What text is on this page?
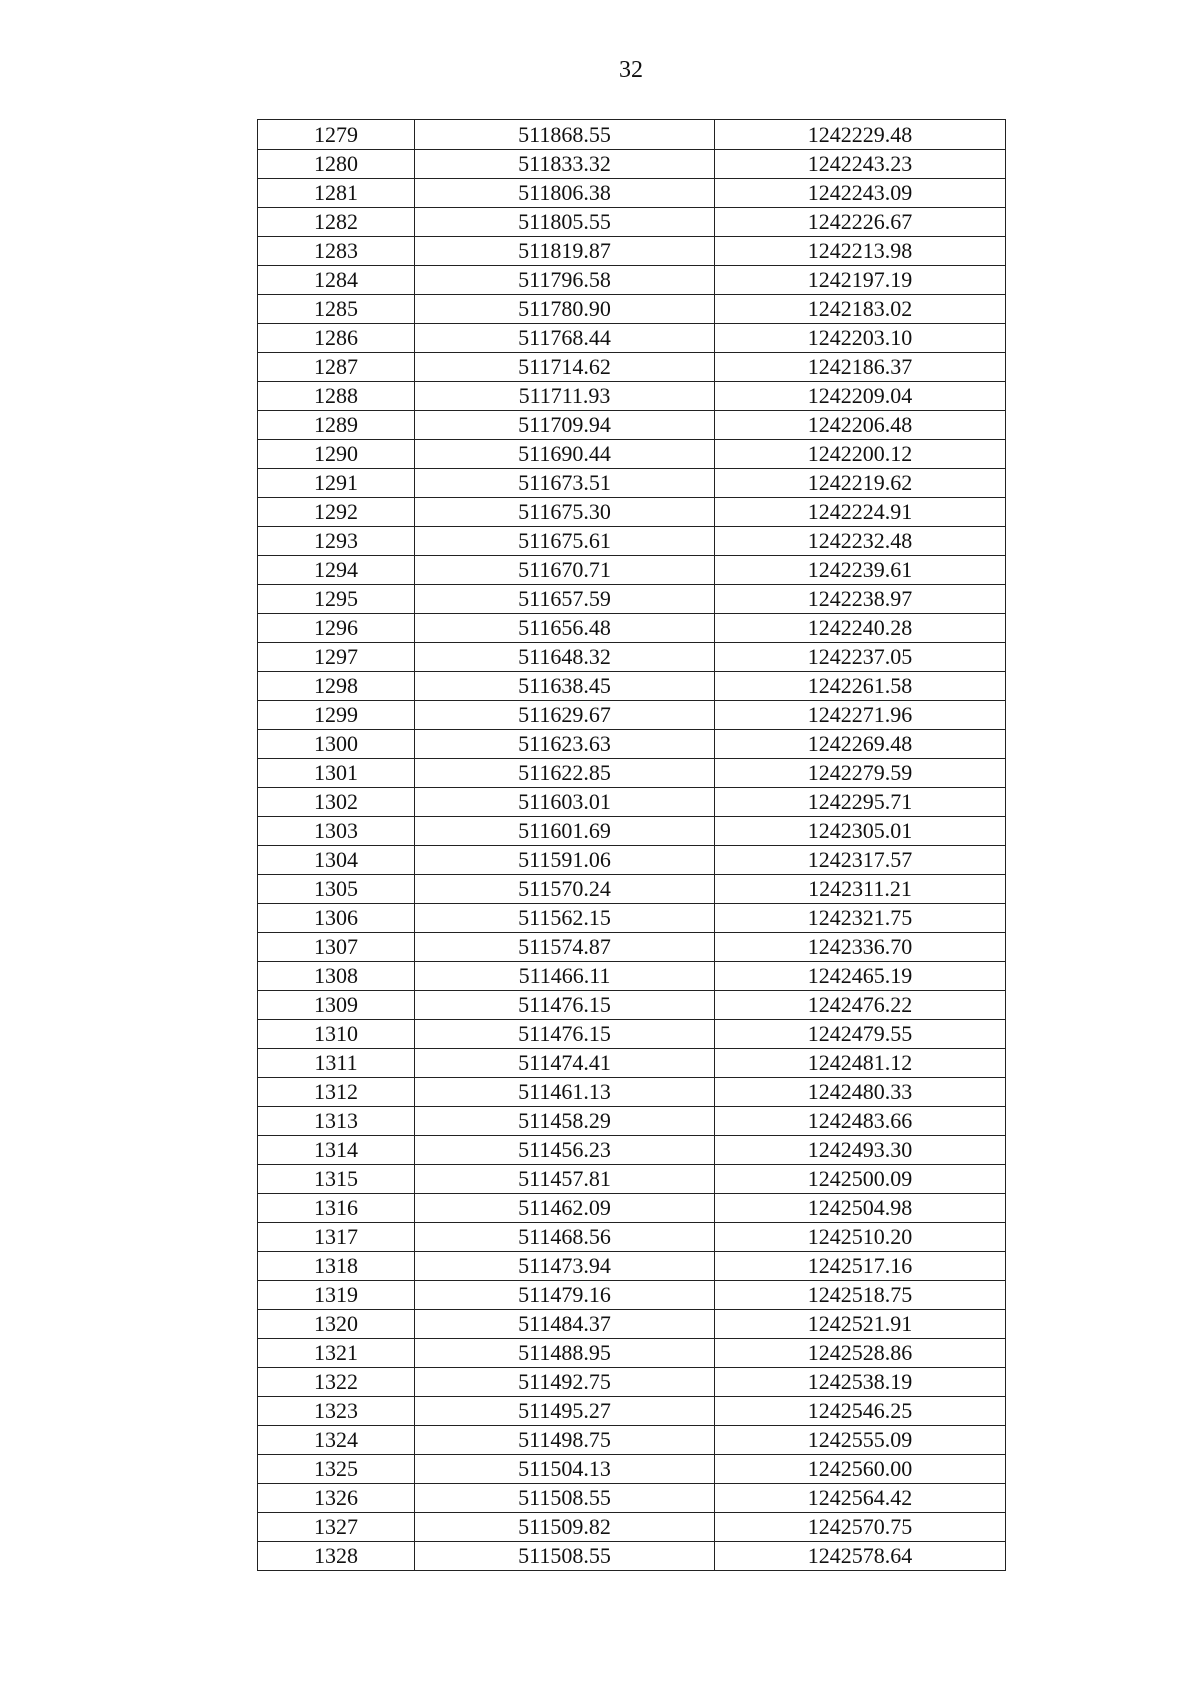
32
1279	511868.55	1242229.48
1280	511833.32	1242243.23
1281	511806.38	1242243.09
1282	511805.55	1242226.67
1283	511819.87	1242213.98
1284	511796.58	1242197.19
1285	511780.90	1242183.02
1286	511768.44	1242203.10
1287	511714.62	1242186.37
1288	511711.93	1242209.04
1289	511709.94	1242206.48
1290	511690.44	1242200.12
1291	511673.51	1242219.62
1292	511675.30	1242224.91
1293	511675.61	1242232.48
1294	511670.71	1242239.61
1295	511657.59	1242238.97
1296	511656.48	1242240.28
1297	511648.32	1242237.05
1298	511638.45	1242261.58
1299	511629.67	1242271.96
1300	511623.63	1242269.48
1301	511622.85	1242279.59
1302	511603.01	1242295.71
1303	511601.69	1242305.01
1304	511591.06	1242317.57
1305	511570.24	1242311.21
1306	511562.15	1242321.75
1307	511574.87	1242336.70
1308	511466.11	1242465.19
1309	511476.15	1242476.22
1310	511476.15	1242479.55
1311	511474.41	1242481.12
1312	511461.13	1242480.33
1313	511458.29	1242483.66
1314	511456.23	1242493.30
1315	511457.81	1242500.09
1316	511462.09	1242504.98
1317	511468.56	1242510.20
1318	511473.94	1242517.16
1319	511479.16	1242518.75
1320	511484.37	1242521.91
1321	511488.95	1242528.86
1322	511492.75	1242538.19
1323	511495.27	1242546.25
1324	511498.75	1242555.09
1325	511504.13	1242560.00
1326	511508.55	1242564.42
1327	511509.82	1242570.75
1328	511508.55	1242578.64
